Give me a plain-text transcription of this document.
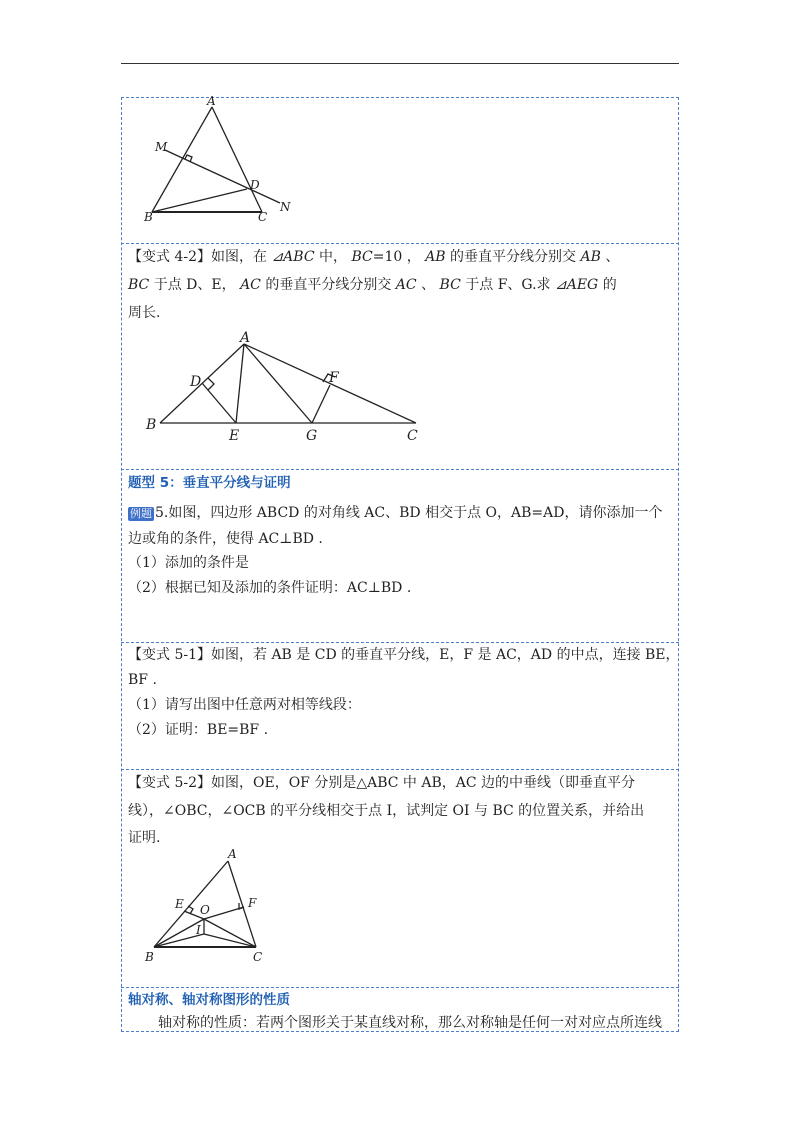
A
M
D
B	C
N
【变式 4-2】如图，在 ⊿ABC 中， BC=10 ， AB 的垂直平分线分别交 AB 、
BC 于点 D、E， AC 的垂直平分线分别交 AC 、 BC 于点 F、G.求 ⊿AEG 的
周长.
A
D	F
B
E	G	C
题型 5：垂直平分线与证明
例题 5.如图，四边形 ABCD 的对角线 AC、BD 相交于点 O，AB=AD，请你添加一个
边或角的条件，使得 AC⊥BD .
（1）添加的条件是
（2）根据已知及添加的条件证明：AC⊥BD .
【变式 5-1】如图，若 AB 是 CD 的垂直平分线，E，F 是 AC，AD 的中点，连接 BE，
BF .
（1）请写出图中任意两对相等线段：
（2）证明：BE=BF .
【变式 5-2】如图，OE，OF 分别是△ABC 中 AB，AC 边的中垂线（即垂直平分
线），∠OBC，∠OCB 的平分线相交于点 I，试判定 OI 与 BC 的位置关系，并给出
证明.
A
E O	F
I
B	C
轴对称、轴对称图形的性质
轴对称的性质：若两个图形关于某直线对称，那么对称轴是任何一对对应点所连线
